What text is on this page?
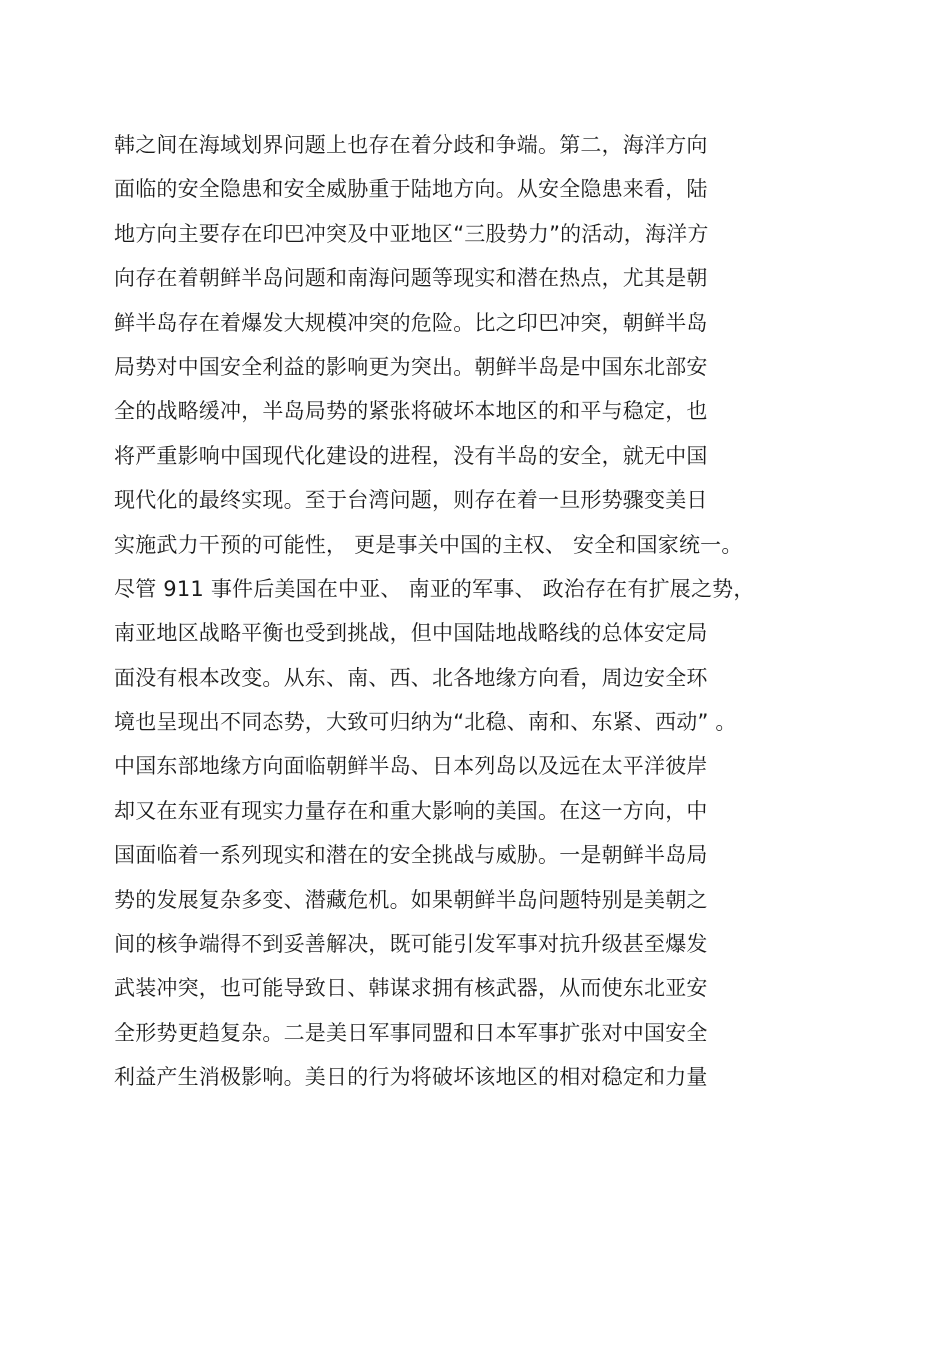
韩之间在海域划界问题上也存在着分歧和争端。第二，海洋方向
面临的安全隐患和安全威胁重于陆地方向。从安全隐患来看，陆
地方向主要存在印巴冲突及中亚地区“三股势力”的活动，海洋方
向存在着朝鲜半岛问题和南海问题等现实和潜在热点，尤其是朝
鲜半岛存在着爆发大规模冲突的危险。比之印巴冲突，朝鲜半岛
局势对中国安全利益的影响更为突出。朝鲜半岛是中国东北部安
全的战略缓冲，半岛局势的紧张将破坏本地区的和平与稳定，也
将严重影响中国现代化建设的进程，没有半岛的安全，就无中国
现代化的最终实现。至于台湾问题，则存在着一旦形势骤变美日
实施武力干预的可能性， 更是事关中国的主权、 安全和国家统一。
尽管 911 事件后美国在中亚、 南亚的军事、 政治存在有扩展之势，
南亚地区战略平衡也受到挑战，但中国陆地战略线的总体安定局
面没有根本改变。从东、南、西、北各地缘方向看，周边安全环
境也呈现出不同态势，大致可归纳为“北稳、南和、东紧、西动” 。
中国东部地缘方向面临朝鲜半岛、日本列岛以及远在太平洋彼岸
却又在东亚有现实力量存在和重大影响的美国。在这一方向，中
国面临着一系列现实和潜在的安全挑战与威胁。一是朝鲜半岛局
势的发展复杂多变、潜藏危机。如果朝鲜半岛问题特别是美朝之
间的核争端得不到妥善解决，既可能引发军事对抗升级甚至爆发
武装冲突，也可能导致日、韩谋求拥有核武器，从而使东北亚安
全形势更趋复杂。二是美日军事同盟和日本军事扩张对中国安全
利益产生消极影响。美日的行为将破坏该地区的相对稳定和力量
